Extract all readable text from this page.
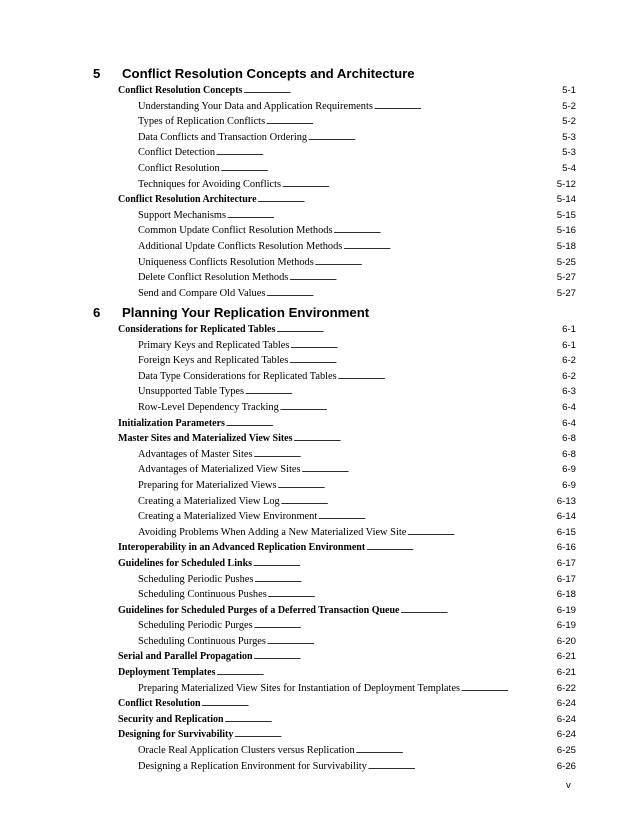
v
5	Conflict Resolution Concepts and Architecture
Conflict Resolution Concepts . . .	5-1
Understanding Your Data and Application Requirements . . .	5-2
Types of Replication Conflicts . . .	5-2
Data Conflicts and Transaction Ordering . . .	5-3
Conflict Detection . . .	5-3
Conflict Resolution . . .	5-4
Techniques for Avoiding Conflicts . . .	5-12
Conflict Resolution Architecture . . .	5-14
Support Mechanisms . . .	5-15
Common Update Conflict Resolution Methods . . .	5-16
Additional Update Conflicts Resolution Methods . . .	5-18
Uniqueness Conflicts Resolution Methods . . .	5-25
Delete Conflict Resolution Methods . . .	5-27
Send and Compare Old Values . . .	5-27
6	Planning Your Replication Environment
Considerations for Replicated Tables . . .	6-1
Primary Keys and Replicated Tables . . .	6-1
Foreign Keys and Replicated Tables . . .	6-2
Data Type Considerations for Replicated Tables . . .	6-2
Unsupported Table Types . . .	6-3
Row-Level Dependency Tracking . . .	6-4
Initialization Parameters . . .	6-4
Master Sites and Materialized View Sites . . .	6-8
Advantages of Master Sites . . .	6-8
Advantages of Materialized View Sites . . .	6-9
Preparing for Materialized Views . . .	6-9
Creating a Materialized View Log . . .	6-13
Creating a Materialized View Environment . . .	6-14
Avoiding Problems When Adding a New Materialized View Site . . .	6-15
Interoperability in an Advanced Replication Environment . . .	6-16
Guidelines for Scheduled Links . . .	6-17
Scheduling Periodic Pushes . . .	6-17
Scheduling Continuous Pushes . . .	6-18
Guidelines for Scheduled Purges of a Deferred Transaction Queue . . .	6-19
Scheduling Periodic Purges . . .	6-19
Scheduling Continuous Purges . . .	6-20
Serial and Parallel Propagation . . .	6-21
Deployment Templates . . .	6-21
Preparing Materialized View Sites for Instantiation of Deployment Templates . . .	6-22
Conflict Resolution . . .	6-24
Security and Replication . . .	6-24
Designing for Survivability . . .	6-24
Oracle Real Application Clusters versus Replication . . .	6-25
Designing a Replication Environment for Survivability . . .	6-26
